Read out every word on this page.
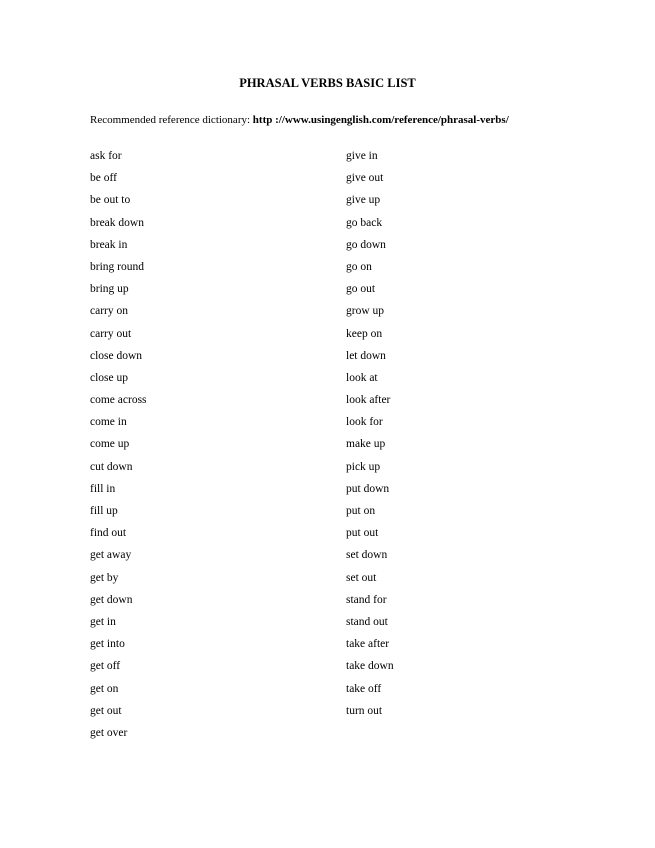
PHRASAL VERBS BASIC LIST
Recommended reference dictionary: http ://www.usingenglish.com/reference/phrasal-verbs/
ask for
be off
be out to
break down
break in
bring round
bring up
carry on
carry out
close down
close up
come across
come in
come up
cut down
fill in
fill up
find out
get away
get by
get down
get in
get into
get off
get on
get out
get over
give in
give out
give up
go back
go down
go on
go out
grow up
keep on
let down
look at
look after
look for
make up
pick up
put down
put on
put out
set down
set out
stand for
stand out
take after
take down
take off
turn out
